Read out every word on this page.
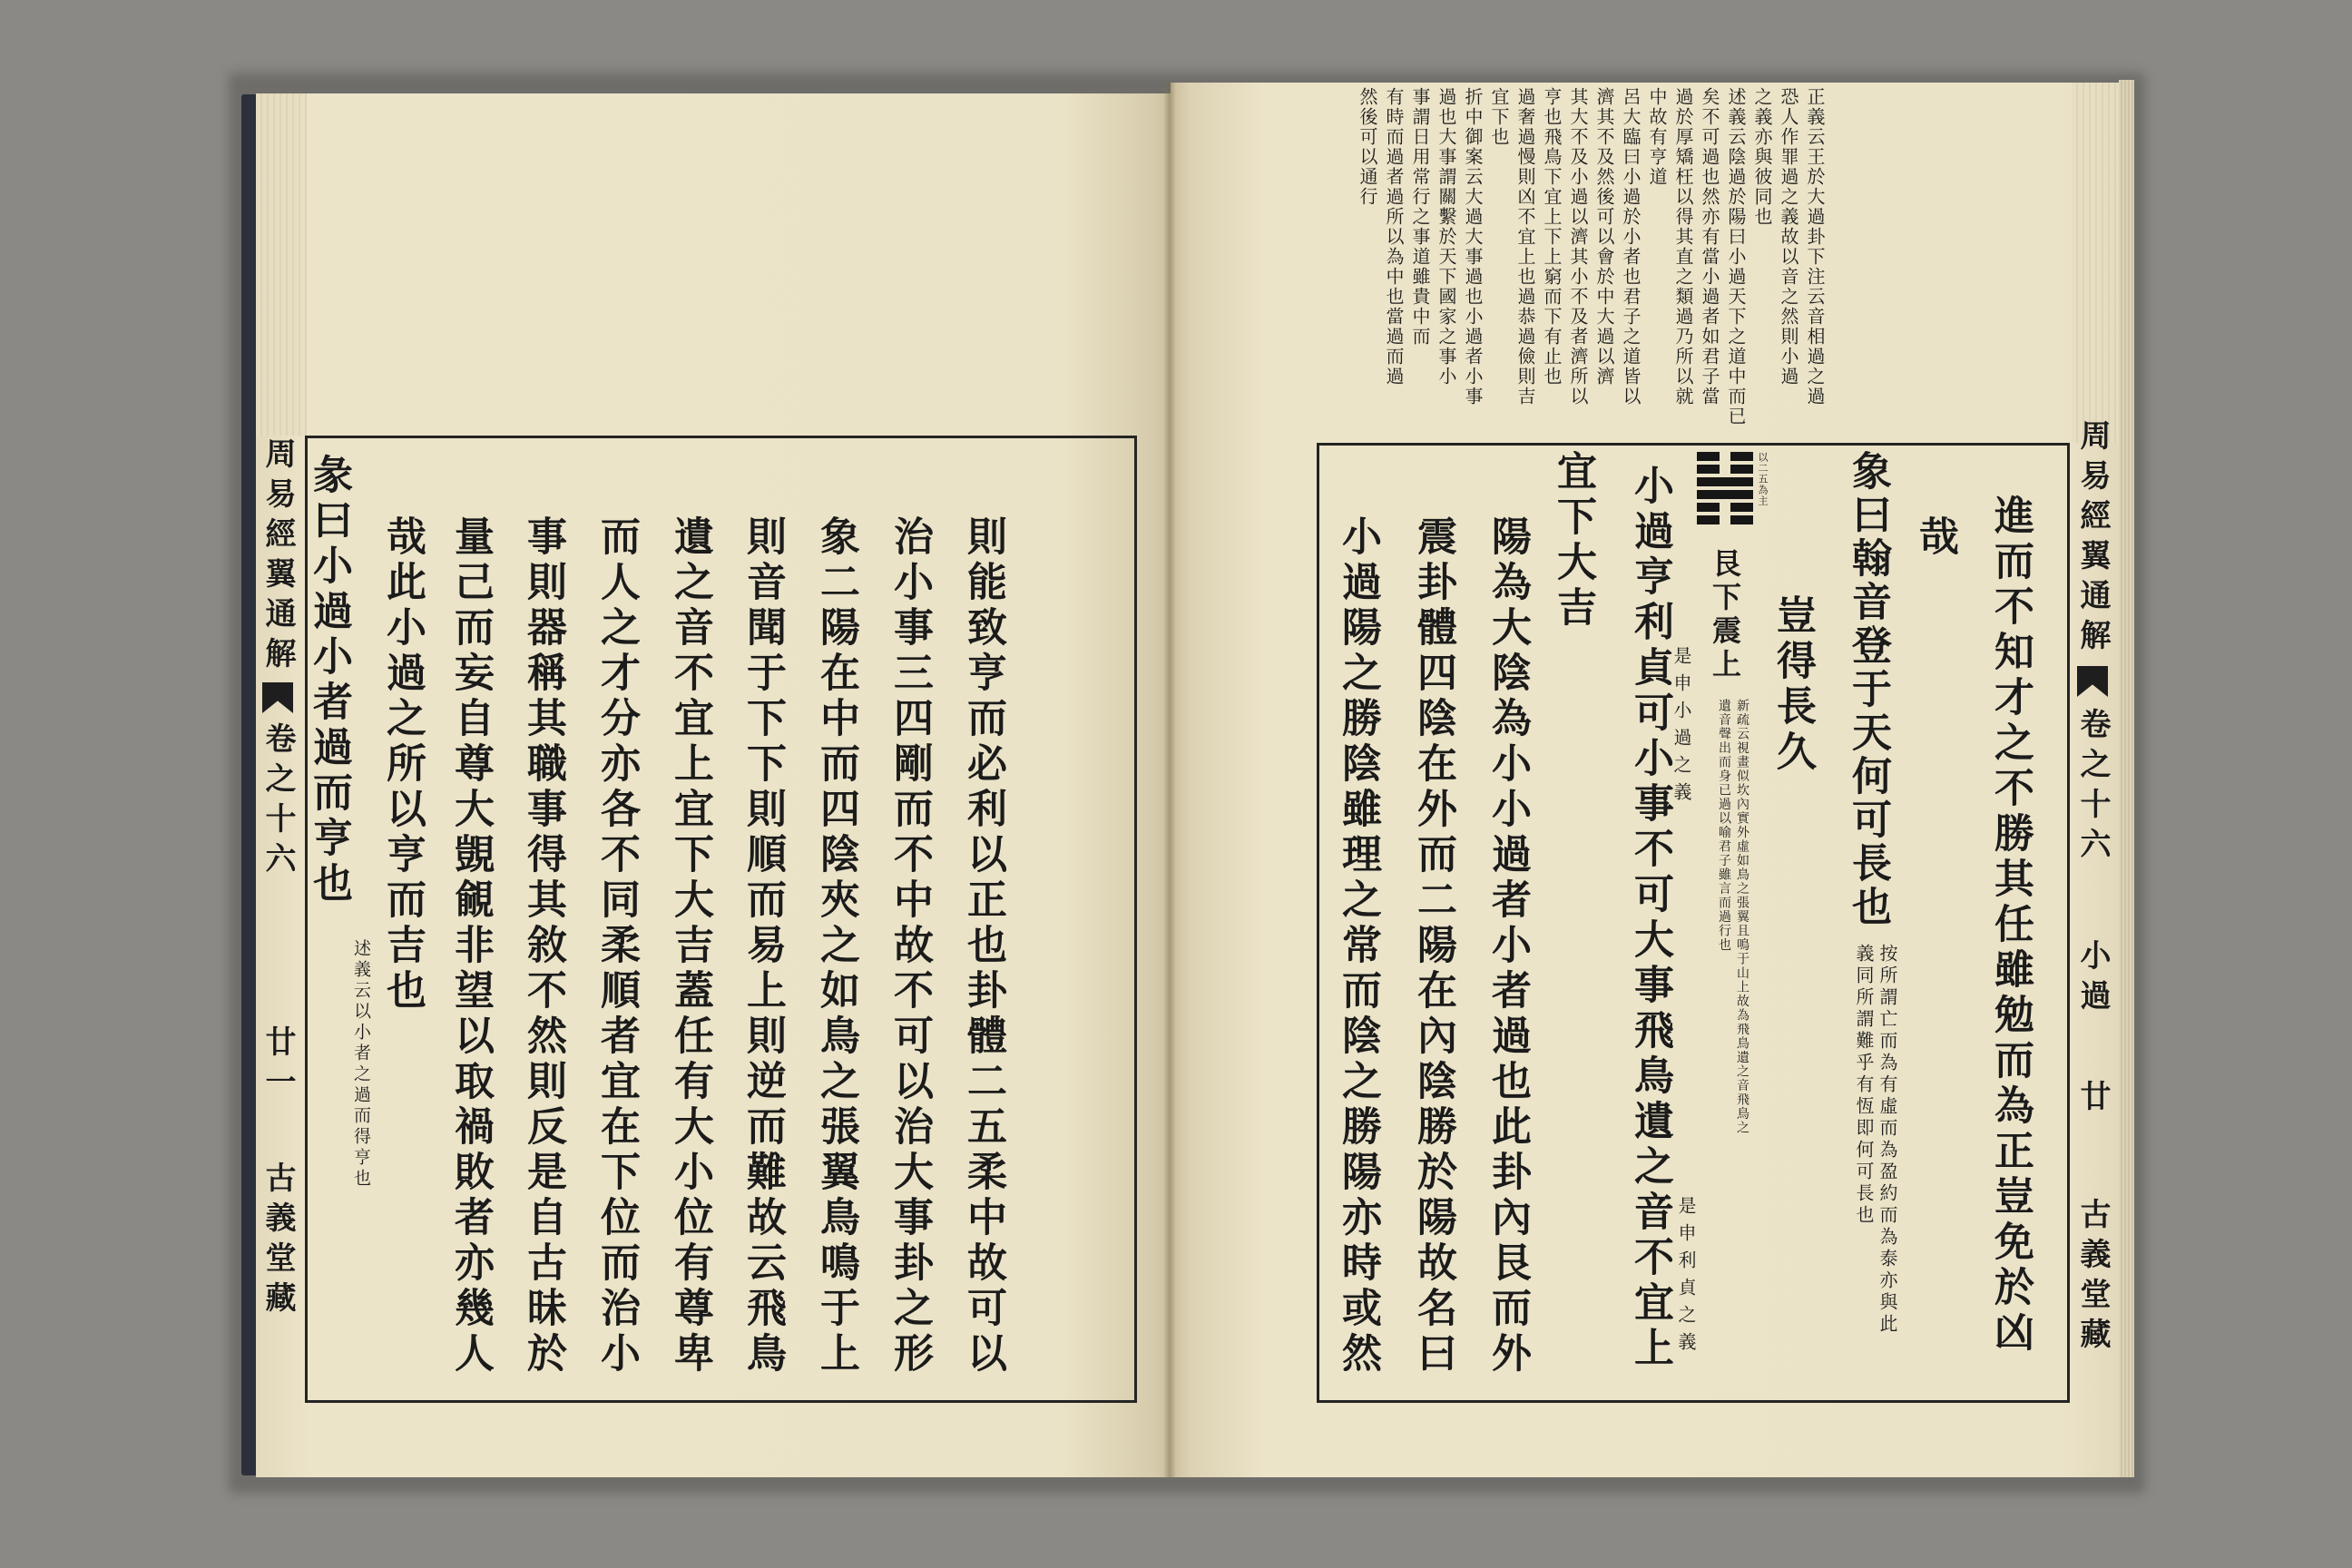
周易經翼通解
卷之十六
廿一
古義堂藏	則能致亨而必利以正也卦體二五柔中故可以
治小事三四剛而不中故不可以治大事卦之形
象二陽在中而四陰夾之如鳥之張翼鳥鳴于上
則音聞于下下則順而易上則逆而難故云飛鳥
遺之音不宜上宜下大吉蓋任有大小位有尊卑
而人之才分亦各不同柔順者宜在下位而治小
事則器稱其職事得其敘不然則反是自古昧於
量己而妄自尊大覬覦非望以取禍敗者亦幾人
哉此小過之所以亨而吉也
述義云以小者之過而得亨也
彖曰小過小者過而亨也
正義云王於大過卦下注云音相過之過
恐人作罪過之義故以音之然則小過
之義亦與彼同也
述義云陰過於陽曰小過天下之道中而已
矣不可過也然亦有當小過者如君子當
過於厚矯枉以得其直之類過乃所以就
中故有亨道
呂大臨曰小過於小者也君子之道皆以
濟其不及然後可以會於中大過以濟
其大不及小過以濟其小不及者濟所以
亨也飛鳥下宜上下上窮而下有止也
過奢過慢則凶不宜上也過恭過儉則吉
宜下也
折中御案云大過大事過也小過者小事
過也大事謂關繫於天下國家之事小
事謂日用常行之事道雖貴中而
有時而過者過所以為中也當過而過
然後可以通行
周易經翼通解
卷之十六
小過
廿
古義堂藏
進而不知才之不勝其任雖勉而為正豈免於凶
哉
象曰翰音登于天何可長也
按所謂亡而為有虛而為盈約而為泰亦與此
義同所謂難乎有恆即何可長也
豈得長久
以二五為主
艮下震上
新疏云視畫似坎內實外虛如鳥之張翼且鳴于山上故為飛鳥遺之音飛鳥之
遺音聲出而身已過以喻君子雖言而過行也
是申小過之義
小過亨利貞可小事不可大事飛鳥遺之音不宜上 是申利貞之義
宜下大吉
陽為大陰為小小過者小者過也此卦內艮而外
震卦體四陰在外而二陽在內陰勝於陽故名曰
小過陽之勝陰雖理之常而陰之勝陽亦時或然
